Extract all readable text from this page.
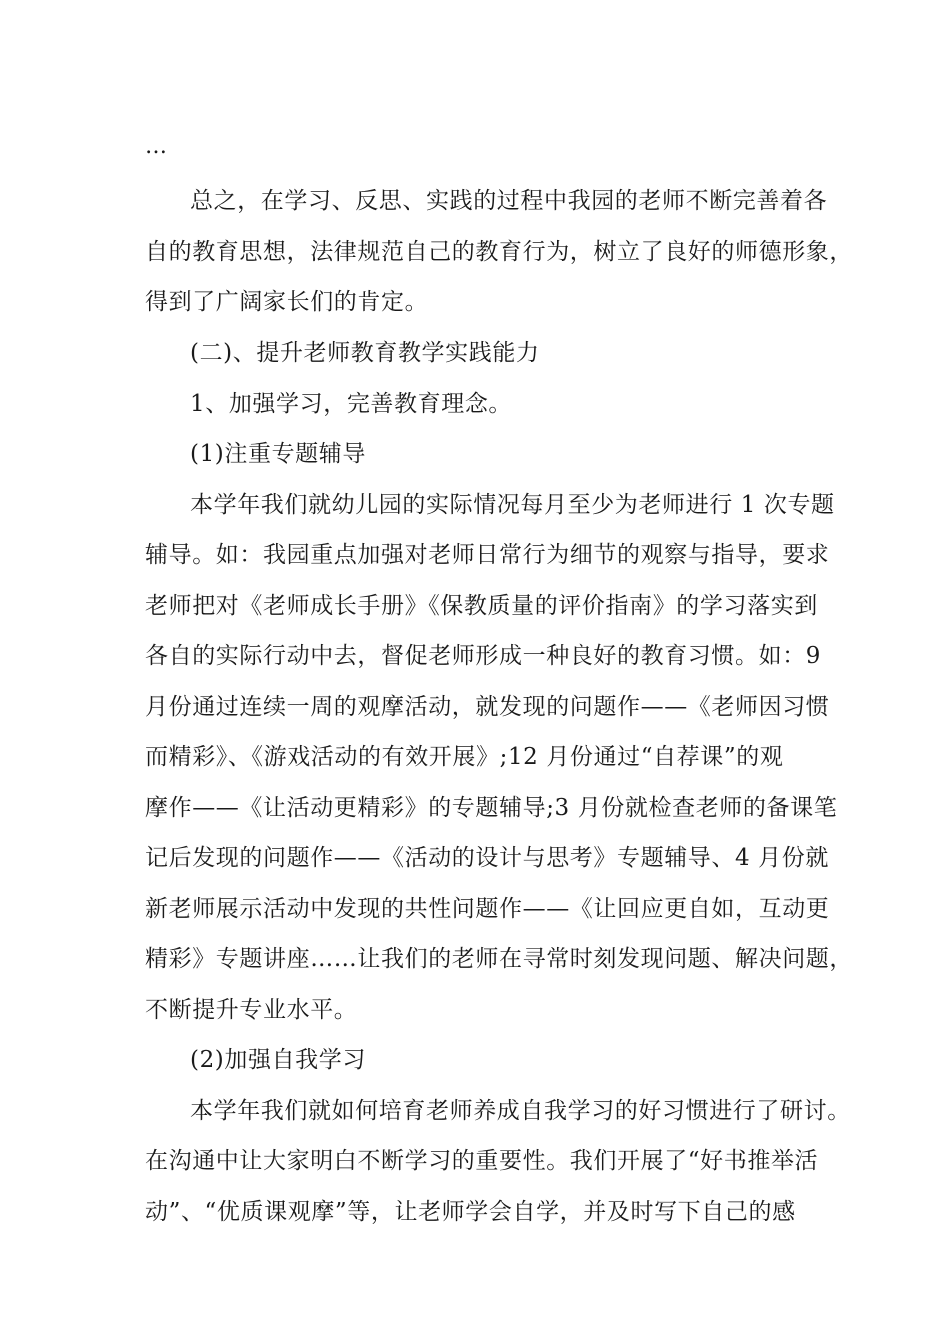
…

总之，在学习、反思、实践的过程中我园的老师不断完善着各

自的教育思想，法律规范自己的教育行为，树立了良好的师德形象，

得到了广阔家长们的肯定。

(二)、提升老师教育教学实践能力

1、加强学习，完善教育理念。

(1)注重专题辅导

本学年我们就幼儿园的实际情况每月至少为老师进行 1 次专题

辅导。如：我园重点加强对老师日常行为细节的观察与指导，要求

老师把对《老师成长手册》《保教质量的评价指南》的学习落实到

各自的实际行动中去，督促老师形成一种良好的教育习惯。如：9

月份通过连续一周的观摩活动，就发现的问题作——《老师因习惯

而精彩》、《游戏活动的有效开展》;12 月份通过“自荐课”的观

摩作——《让活动更精彩》的专题辅导;3 月份就检查老师的备课笔

记后发现的问题作——《活动的设计与思考》专题辅导、4 月份就

新老师展示活动中发现的共性问题作——《让回应更自如，互动更

精彩》专题讲座……让我们的老师在寻常时刻发现问题、解决问题，

不断提升专业水平。

(2)加强自我学习

本学年我们就如何培育老师养成自我学习的好习惯进行了研讨。

在沟通中让大家明白不断学习的重要性。我们开展了“好书推举活

动”、“优质课观摩”等，让老师学会自学，并及时写下自己的感
